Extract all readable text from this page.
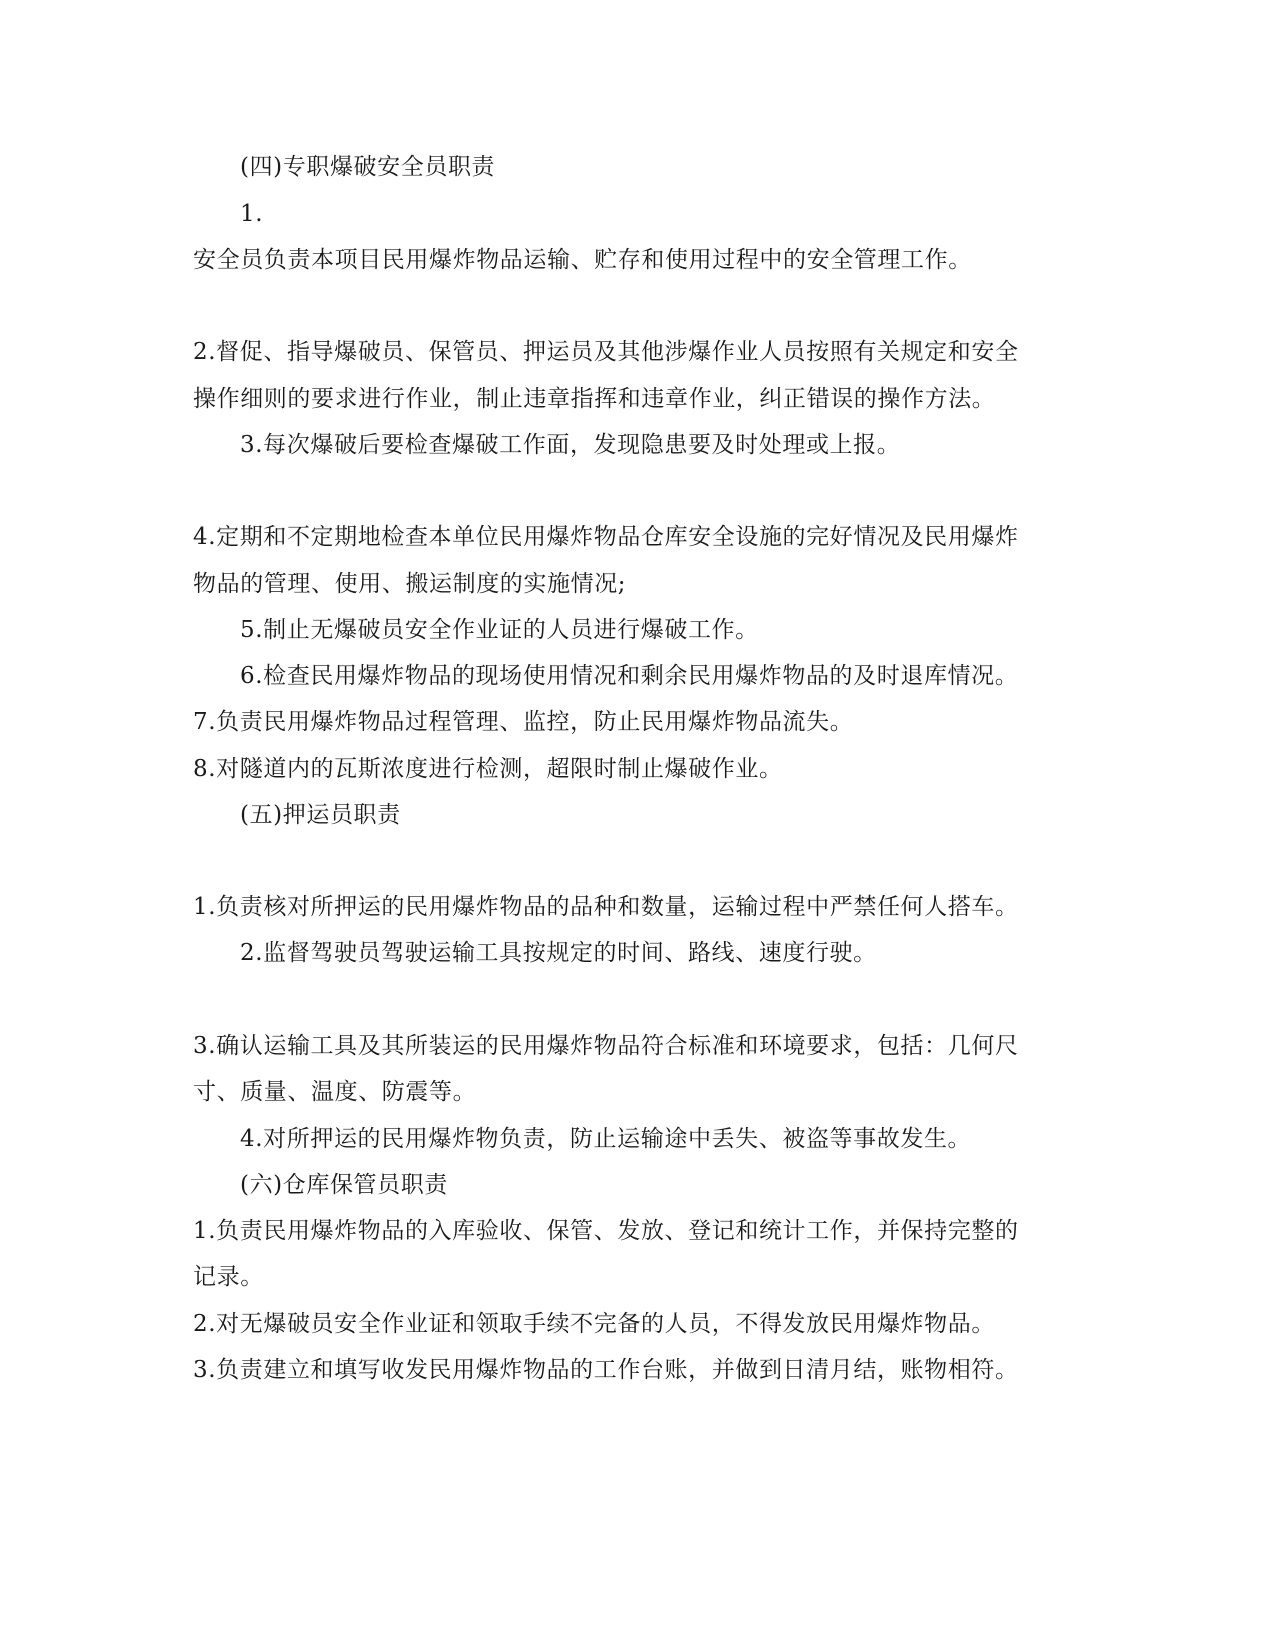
(四)专职爆破安全员职责
1.
安全员负责本项目民用爆炸物品运输、贮存和使用过程中的安全管理工作。
2.督促、指导爆破员、保管员、押运员及其他涉爆作业人员按照有关规定和安全
操作细则的要求进行作业，制止违章指挥和违章作业，纠正错误的操作方法。
3.每次爆破后要检查爆破工作面，发现隐患要及时处理或上报。
4.定期和不定期地检查本单位民用爆炸物品仓库安全设施的完好情况及民用爆炸
物品的管理、使用、搬运制度的实施情况;
5.制止无爆破员安全作业证的人员进行爆破工作。
6.检查民用爆炸物品的现场使用情况和剩余民用爆炸物品的及时退库情况。
7.负责民用爆炸物品过程管理、监控，防止民用爆炸物品流失。
8.对隧道内的瓦斯浓度进行检测，超限时制止爆破作业。
(五)押运员职责
1.负责核对所押运的民用爆炸物品的品种和数量，运输过程中严禁任何人搭车。
2.监督驾驶员驾驶运输工具按规定的时间、路线、速度行驶。
3.确认运输工具及其所装运的民用爆炸物品符合标准和环境要求，包括：几何尺
寸、质量、温度、防震等。
4.对所押运的民用爆炸物负责，防止运输途中丢失、被盗等事故发生。
(六)仓库保管员职责
1.负责民用爆炸物品的入库验收、保管、发放、登记和统计工作，并保持完整的
记录。
2.对无爆破员安全作业证和领取手续不完备的人员，不得发放民用爆炸物品。
3.负责建立和填写收发民用爆炸物品的工作台账，并做到日清月结，账物相符。
